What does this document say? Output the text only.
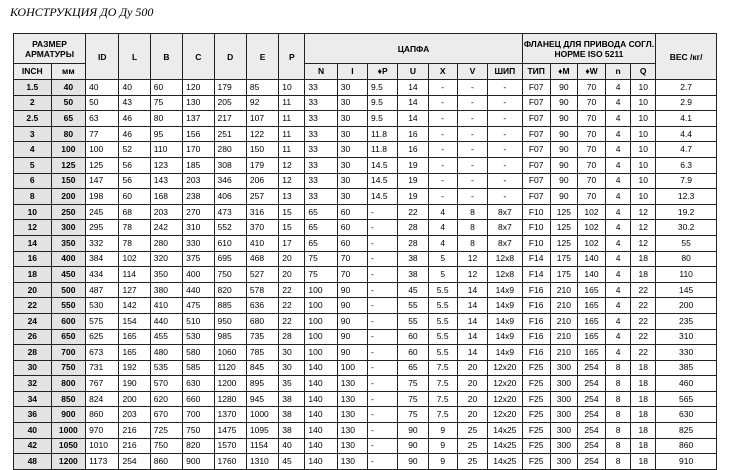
КОНСТРУКЦИЯ ДО Ду 500
РАЗМЕР АРМАТУРЫ		ID	L	B	C	D	E	P	ЦАПФА							ФЛАНЕЦ ДЛЯ ПРИВОДА СОГЛ. НОРМЕ ISO 5211					ВЕС /кг/
INCH	мм								N	I	♦P	U	X	V	ШИП	ТИП	♦M	♦W	n	Q	
1.5	40	40	40	60	120	179	85	10	33	30	9.5	14	-	-	-	F07	90	70	4	10	2.7
2	50	50	43	75	130	205	92	11	33	30	9.5	14	-	-	-	F07	90	70	4	10	2.9
2.5	65	63	46	80	137	217	107	11	33	30	9.5	14	-	-	-	F07	90	70	4	10	4.1
3	80	77	46	95	156	251	122	11	33	30	11.8	16	-	-	-	F07	90	70	4	10	4.4
4	100	100	52	110	170	280	150	11	33	30	11.8	16	-	-	-	F07	90	70	4	10	4.7
5	125	125	56	123	185	308	179	12	33	30	14.5	19	-	-	-	F07	90	70	4	10	6.3
6	150	147	56	143	203	346	206	12	33	30	14.5	19	-	-	-	F07	90	70	4	10	7.9
8	200	198	60	168	238	406	257	13	33	30	14.5	19	-	-	-	F07	90	70	4	10	12.3
10	250	245	68	203	270	473	316	15	65	60	-	22	4	8	8x7	F10	125	102	4	12	19.2
12	300	295	78	242	310	552	370	15	65	60	-	28	4	8	8x7	F10	125	102	4	12	30.2
14	350	332	78	280	330	610	410	17	65	60	-	28	4	8	8x7	F10	125	102	4	12	55
16	400	384	102	320	375	695	468	20	75	70	-	38	5	12	12x8	F14	175	140	4	18	80
18	450	434	114	350	400	750	527	20	75	70	-	38	5	12	12x8	F14	175	140	4	18	110
20	500	487	127	380	440	820	578	22	100	90	-	45	5.5	14	14x9	F16	210	165	4	22	145
22	550	530	142	410	475	885	636	22	100	90	-	55	5.5	14	14x9	F16	210	165	4	22	200
24	600	575	154	440	510	950	680	22	100	90	-	55	5.5	14	14x9	F16	210	165	4	22	235
26	650	625	165	455	530	985	735	28	100	90	-	60	5.5	14	14x9	F16	210	165	4	22	310
28	700	673	165	480	580	1060	785	30	100	90	-	60	5.5	14	14x9	F16	210	165	4	22	330
30	750	731	192	535	585	1120	845	30	140	100	-	65	7.5	20	12x20	F25	300	254	8	18	385
32	800	767	190	570	630	1200	895	35	140	130	-	75	7.5	20	12x20	F25	300	254	8	18	460
34	850	824	200	620	660	1280	945	38	140	130	-	75	7.5	20	12x20	F25	300	254	8	18	565
36	900	860	203	670	700	1370	1000	38	140	130	-	75	7.5	20	12x20	F25	300	254	8	18	630
40	1000	970	216	725	750	1475	1095	38	140	130	-	90	9	25	14x25	F25	300	254	8	18	825
42	1050	1010	216	750	820	1570	1154	40	140	130	-	90	9	25	14x25	F25	300	254	8	18	860
48	1200	1173	254	860	900	1760	1310	45	140	130	-	90	9	25	14x25	F25	300	254	8	18	910
